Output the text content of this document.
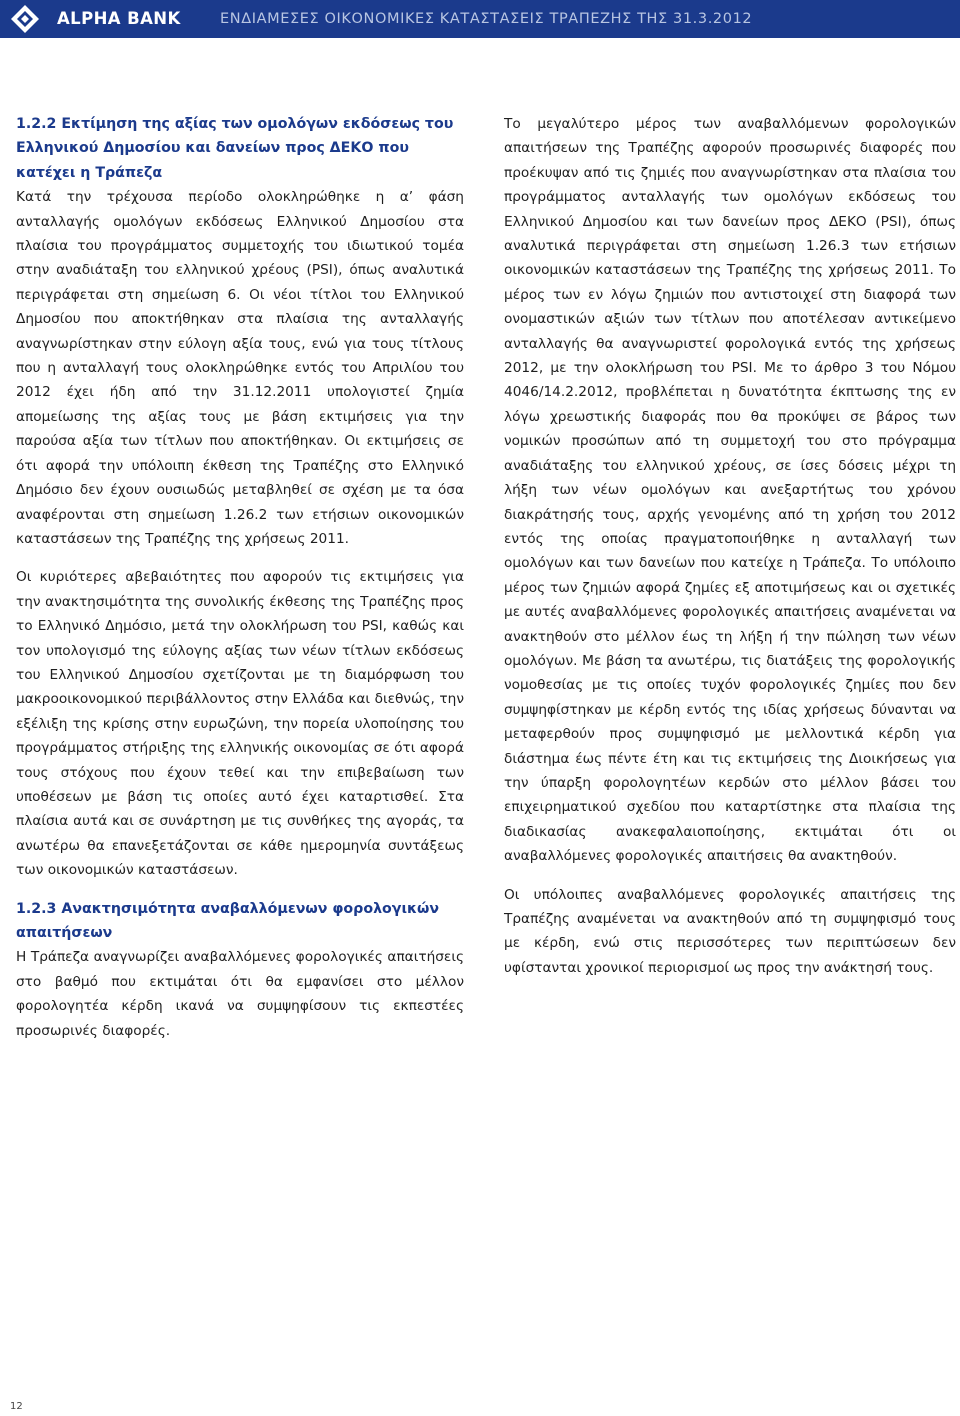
ALPHA BANK	ΕΝΔΙΑΜΕΣΕΣ ΟΙΚΟΝΟΜΙΚΕΣ ΚΑΤΑΣΤΑΣΕΙΣ ΤΡΑΠΕΖΗΣ ΤΗΣ 31.3.2012
1.2.2 Εκτίμηση της αξίας των ομολόγων εκδόσεως του Ελληνικού Δημοσίου και δανείων προς ΔΕΚΟ που κατέχει η Τράπεζα

Κατά την τρέχουσα περίοδο ολοκληρώθηκε η α’ φάση ανταλλαγής ομολόγων εκδόσεως Ελληνικού Δημοσίου στα πλαίσια του προγράμματος συμμετοχής του ιδιωτικού τομέα στην αναδιάταξη του ελληνικού χρέους (PSI), όπως αναλυτικά περιγράφεται στη σημείωση 6. Οι νέοι τίτλοι του Ελληνικού Δημοσίου που αποκτήθηκαν στα πλαίσια της ανταλλαγής αναγνωρίστηκαν στην εύλογη αξία τους, ενώ για τους τίτλους που η ανταλλαγή τους ολοκληρώθηκε εντός του Απριλίου του 2012 έχει ήδη από την 31.12.2011 υπολογιστεί ζημία απομείωσης της αξίας τους με βάση εκτιμήσεις για την παρούσα αξία των τίτλων που αποκτήθηκαν. Οι εκτιμήσεις σε ότι αφορά την υπόλοιπη έκθεση της Τραπέζης στο Ελληνικό Δημόσιο δεν έχουν ουσιωδώς μεταβληθεί σε σχέση με τα όσα αναφέρονται στη σημείωση 1.26.2 των ετήσιων οικονομικών καταστάσεων της Τραπέζης της χρήσεως 2011.

Οι κυριότερες αβεβαιότητες που αφορούν τις εκτιμήσεις για την ανακτησιμότητα της συνολικής έκθεσης της Τραπέζης προς το Ελληνικό Δημόσιο, μετά την ολοκλήρωση του PSI, καθώς και τον υπολογισμό της εύλογης αξίας των νέων τίτλων εκδόσεως του Ελληνικού Δημοσίου σχετίζονται με τη διαμόρφωση του μακροοικονομικού περιβάλλοντος στην Ελλάδα και διεθνώς, την εξέλιξη της κρίσης στην ευρωζώνη, την πορεία υλοποίησης του προγράμματος στήριξης της ελληνικής οικονομίας σε ότι αφορά τους στόχους που έχουν τεθεί και την επιβεβαίωση των υποθέσεων με βάση τις οποίες αυτό έχει καταρτισθεί. Στα πλαίσια αυτά και σε συνάρτηση με τις συνθήκες της αγοράς, τα ανωτέρω θα επανεξετάζονται σε κάθε ημερομηνία συντάξεως των οικονομικών καταστάσεων.

1.2.3 Ανακτησιμότητα αναβαλλόμενων φορολογικών απαιτήσεων

Η Τράπεζα αναγνωρίζει αναβαλλόμενες φορολογικές απαιτήσεις στο βαθμό που εκτιμάται ότι θα εμφανίσει στο μέλλον φορολογητέα κέρδη ικανά να συμψηφίσουν τις εκπεστέες προσωρινές διαφορές.

Το μεγαλύτερο μέρος των αναβαλλόμενων φορολογικών απαιτήσεων της Τραπέζης αφορούν προσωρινές διαφορές που προέκυψαν από τις ζημιές που αναγνωρίστηκαν στα πλαίσια του προγράμματος ανταλλαγής των ομολόγων εκδόσεως του Ελληνικού Δημοσίου και των δανείων προς ΔΕΚΟ (PSI), όπως αναλυτικά περιγράφεται στη σημείωση 1.26.3 των ετήσιων οικονομικών καταστάσεων της Τραπέζης της χρήσεως 2011. Το μέρος των εν λόγω ζημιών που αντιστοιχεί στη διαφορά των ονομαστικών αξιών των τίτλων που αποτέλεσαν αντικείμενο ανταλλαγής θα αναγνωριστεί φορολογικά εντός της χρήσεως 2012, με την ολοκλήρωση του PSI. Με το άρθρο 3 του Νόμου 4046/14.2.2012, προβλέπεται η δυνατότητα έκπτωσης της εν λόγω χρεωστικής διαφοράς που θα προκύψει σε βάρος των νομικών προσώπων από τη συμμετοχή του στο πρόγραμμα αναδιάταξης του ελληνικού χρέους, σε ίσες δόσεις μέχρι τη λήξη των νέων ομολόγων και ανεξαρτήτως του χρόνου διακράτησής τους, αρχής γενομένης από τη χρήση του 2012 εντός της οποίας πραγματοποιήθηκε η ανταλλαγή των ομολόγων και των δανείων που κατείχε η Τράπεζα. Το υπόλοιπο μέρος των ζημιών αφορά ζημίες εξ αποτιμήσεως και οι σχετικές με αυτές αναβαλλόμενες φορολογικές απαιτήσεις αναμένεται να ανακτηθούν στο μέλλον έως τη λήξη ή την πώληση των νέων ομολόγων. Με βάση τα ανωτέρω, τις διατάξεις της φορολογικής νομοθεσίας με τις οποίες τυχόν φορολογικές ζημίες που δεν συμψηφίστηκαν με κέρδη εντός της ιδίας χρήσεως δύνανται να μεταφερθούν προς συμψηφισμό με μελλοντικά κέρδη για διάστημα έως πέντε έτη και τις εκτιμήσεις της Διοικήσεως για την ύπαρξη φορολογητέων κερδών στο μέλλον βάσει του επιχειρηματικού σχεδίου που καταρτίστηκε στα πλαίσια της διαδικασίας ανακεφαλαιοποίησης, εκτιμάται ότι οι αναβαλλόμενες φορολογικές απαιτήσεις θα ανακτηθούν.

Οι υπόλοιπες αναβαλλόμενες φορολογικές απαιτήσεις της Τραπέζης αναμένεται να ανακτηθούν από τη συμψηφισμό τους με κέρδη, ενώ στις περισσότερες των περιπτώσεων δεν υφίστανται χρονικοί περιορισμοί ως προς την ανάκτησή τους.

12
